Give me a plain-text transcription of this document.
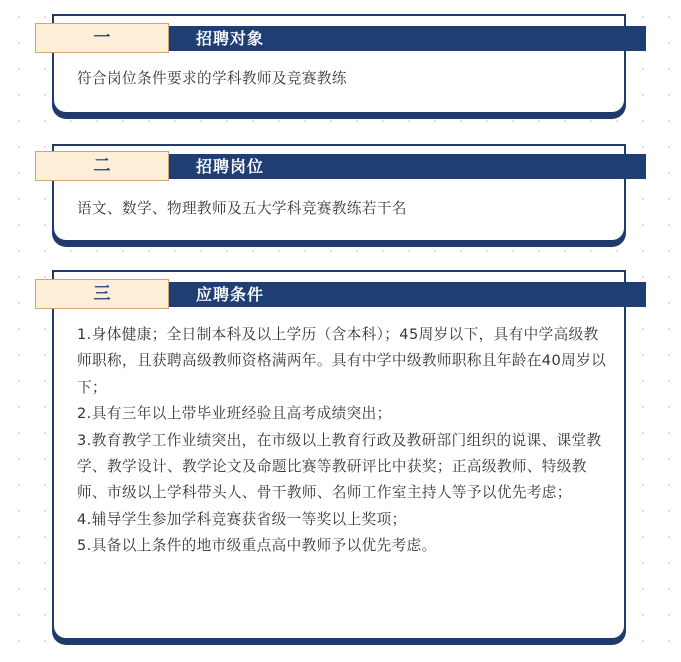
招聘对象
一

符合岗位条件要求的学科教师及竞赛教练

招聘岗位
二

语文、数学、物理教师及五大学科竞赛教练若干名

应聘条件
三
1.身体健康；全日制本科及以上学历（含本科）；45周岁以下，具有中学高级教师职称，且获聘高级教师资格满两年。具有中学中级教师职称且年龄在40周岁以下；
2.具有三年以上带毕业班经验且高考成绩突出；
3.教育教学工作业绩突出，在市级以上教育行政及教研部门组织的说课、课堂教学、教学设计、教学论文及命题比赛等教研评比中获奖；正高级教师、特级教师、市级以上学科带头人、骨干教师、名师工作室主持人等予以优先考虑；
4.辅导学生参加学科竞赛获省级一等奖以上奖项；
5.具备以上条件的地市级重点高中教师予以优先考虑。
